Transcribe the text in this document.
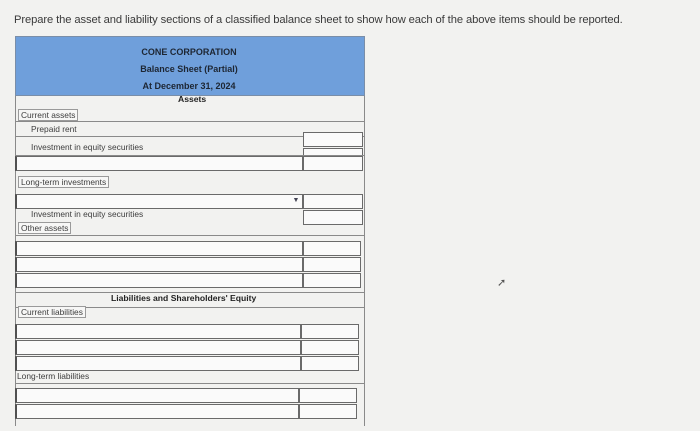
Prepare the asset and liability sections of a classified balance sheet to show how each of the above items should be reported.
CONE CORPORATION
Balance Sheet (Partial)
At December 31, 2024
Assets
Current assets
Prepaid rent
Investment in equity securities
Long-term investments
▼
Investment in equity securities
Other assets
Liabilities and Shareholders' Equity
Current liabilities
Long-term liabilities
➚
